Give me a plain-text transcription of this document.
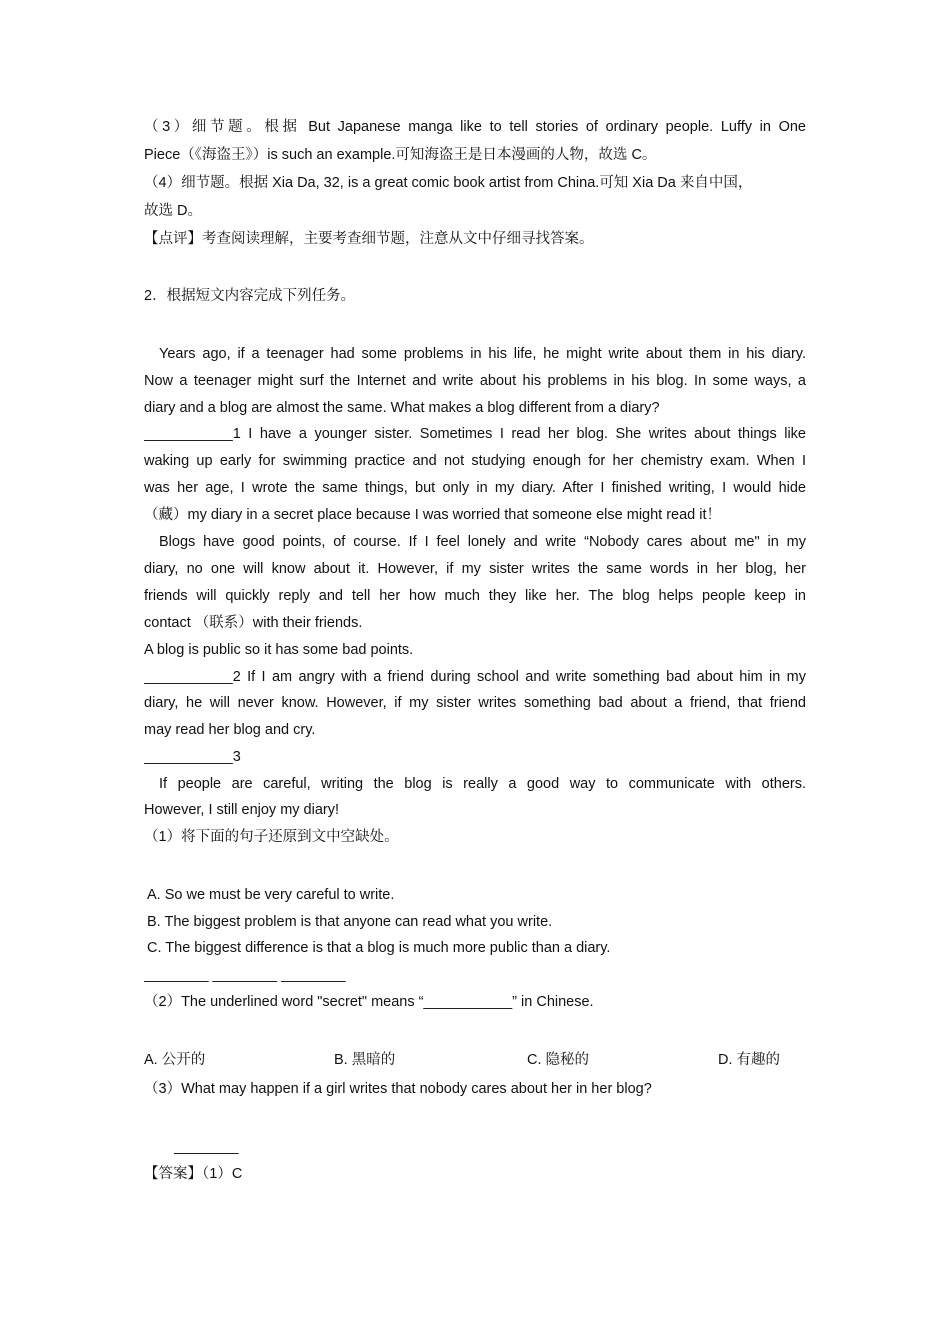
（3）细节题。根据 But Japanese manga like to tell stories of ordinary people. Luffy in One
Piece（《海盗王》）is such an example.可知海盗王是日本漫画的人物，故选 C。
（4）细节题。根据 Xia Da, 32, is a great comic book artist from China.可知 Xia Da 来自中国，
故选 D。
【点评】考查阅读理解，主要考查细节题，注意从文中仔细寻找答案。
2．根据短文内容完成下列任务。
Years ago, if a teenager had some problems in his life, he might write about them in his diary.
Now a teenager might surf the Internet and write about his problems in his blog. In some ways, a
diary and a blog are almost the same. What makes a blog different from a diary?
___________1 I have a younger sister. Sometimes I read her blog. She writes about things like
waking up early for swimming practice and not studying enough for her chemistry exam. When I
was her age, I wrote the same things, but only in my diary. After I finished writing, I would hide
（藏）my diary in a secret place because I was worried that someone else might read it！
Blogs have good points, of course. If I feel lonely and write “Nobody cares about me" in my
diary, no one will know about it. However, if my sister writes the same words in her blog, her
friends will quickly reply and tell her how much they like her. The blog helps people keep in
contact （联系）with their friends.
A blog is public so it has some bad points.
___________2 If I am angry with a friend during school and write something bad about him in my
diary, he will never know. However, if my sister writes something bad about a friend, that friend
may read her blog and cry.
___________3
If people are careful, writing the blog is really a good way to communicate with others.
However, I still enjoy my diary!
（1）将下面的句子还原到文中空缺处。
A. So we must be very careful to write.
B. The biggest problem is that anyone can read what you write.
C. The biggest difference is that a blog is much more public than a diary.
________ ________ ________
（2）The underlined word "secret" means “___________” in Chinese.
A. 公开的	B. 黑暗的	C. 隐秘的	D. 有趣的
（3）What may happen if a girl writes that nobody cares about her in her blog?
________
【答案】（1）C
